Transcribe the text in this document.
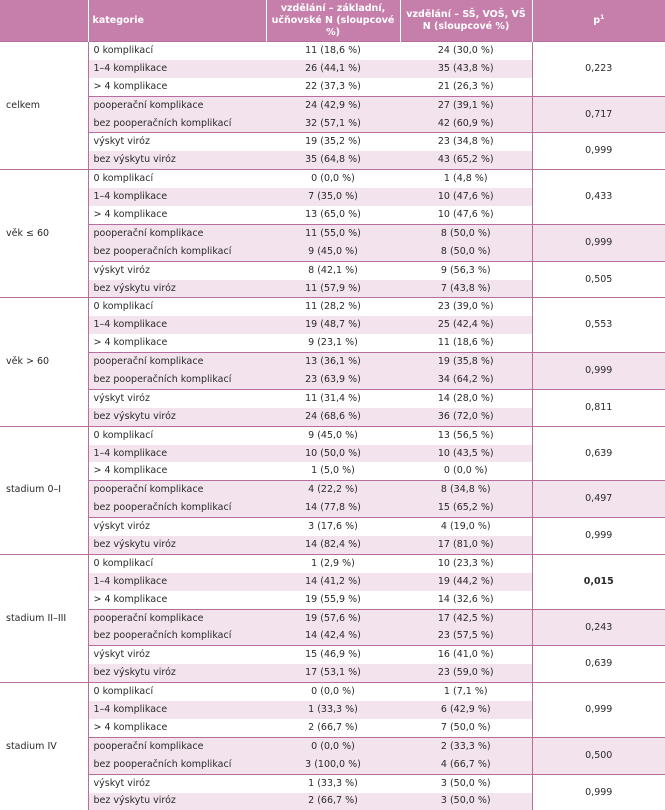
	kategorie	vzdělání – základní, učňovské N (sloupcové %)	vzdělání – SŠ, VOŠ, VŠ N (sloupcové %)	$p^1$
celkem	0 komplikací	11 (18,6 %)	24 (30,0 %)	0,223
	1–4 komplikace	26 (44,1 %)	35 (43,8 %)	
	> 4 komplikace	22 (37,3 %)	21 (26,3 %)	
	pooperační komplikace	24 (42,9 %)	27 (39,1 %)	0,717
	bez pooperačních komplikací	32 (57,1 %)	42 (60,9 %)	
	výskyt viróz	19 (35,2 %)	23 (34,8 %)	0,999
	bez výskytu viróz	35 (64,8 %)	43 (65,2 %)	
věk ≤ 60	0 komplikací	0 (0,0 %)	1 (4,8 %)	0,433
	1–4 komplikace	7 (35,0 %)	10 (47,6 %)	
	> 4 komplikace	13 (65,0 %)	10 (47,6 %)	
	pooperační komplikace	11 (55,0 %)	8 (50,0 %)	0,999
	bez pooperačních komplikací	9 (45,0 %)	8 (50,0 %)	
	výskyt viróz	8 (42,1 %)	9 (56,3 %)	0,505
	bez výskytu viróz	11 (57,9 %)	7 (43,8 %)	
věk > 60	0 komplikací	11 (28,2 %)	23 (39,0 %)	0,553
	1–4 komplikace	19 (48,7 %)	25 (42,4 %)	
	> 4 komplikace	9 (23,1 %)	11 (18,6 %)	
	pooperační komplikace	13 (36,1 %)	19 (35,8 %)	0,999
	bez pooperačních komplikací	23 (63,9 %)	34 (64,2 %)	
	výskyt viróz	11 (31,4 %)	14 (28,0 %)	0,811
	bez výskytu viróz	24 (68,6 %)	36 (72,0 %)	
stadium 0–I	0 komplikací	9 (45,0 %)	13 (56,5 %)	0,639
	1–4 komplikace	10 (50,0 %)	10 (43,5 %)	
	> 4 komplikace	1 (5,0 %)	0 (0,0 %)	
	pooperační komplikace	4 (22,2 %)	8 (34,8 %)	0,497
	bez pooperačních komplikací	14 (77,8 %)	15 (65,2 %)	
	výskyt viróz	3 (17,6 %)	4 (19,0 %)	0,999
	bez výskytu viróz	14 (82,4 %)	17 (81,0 %)	
stadium II–III	0 komplikací	1 (2,9 %)	10 (23,3 %)	0,015
	1–4 komplikace	14 (41,2 %)	19 (44,2 %)	
	> 4 komplikace	19 (55,9 %)	14 (32,6 %)	
	pooperační komplikace	19 (57,6 %)	17 (42,5 %)	0,243
	bez pooperačních komplikací	14 (42,4 %)	23 (57,5 %)	
	výskyt viróz	15 (46,9 %)	16 (41,0 %)	0,639
	bez výskytu viróz	17 (53,1 %)	23 (59,0 %)	
stadium IV	0 komplikací	0 (0,0 %)	1 (7,1 %)	0,999
	1–4 komplikace	1 (33,3 %)	6 (42,9 %)	
	> 4 komplikace	2 (66,7 %)	7 (50,0 %)	
	pooperační komplikace	0 (0,0 %)	2 (33,3 %)	0,500
	bez pooperačních komplikací	3 (100,0 %)	4 (66,7 %)	
	výskyt viróz	1 (33,3 %)	3 (50,0 %)	0,999
	bez výskytu viróz	2 (66,7 %)	3 (50,0 %)	
